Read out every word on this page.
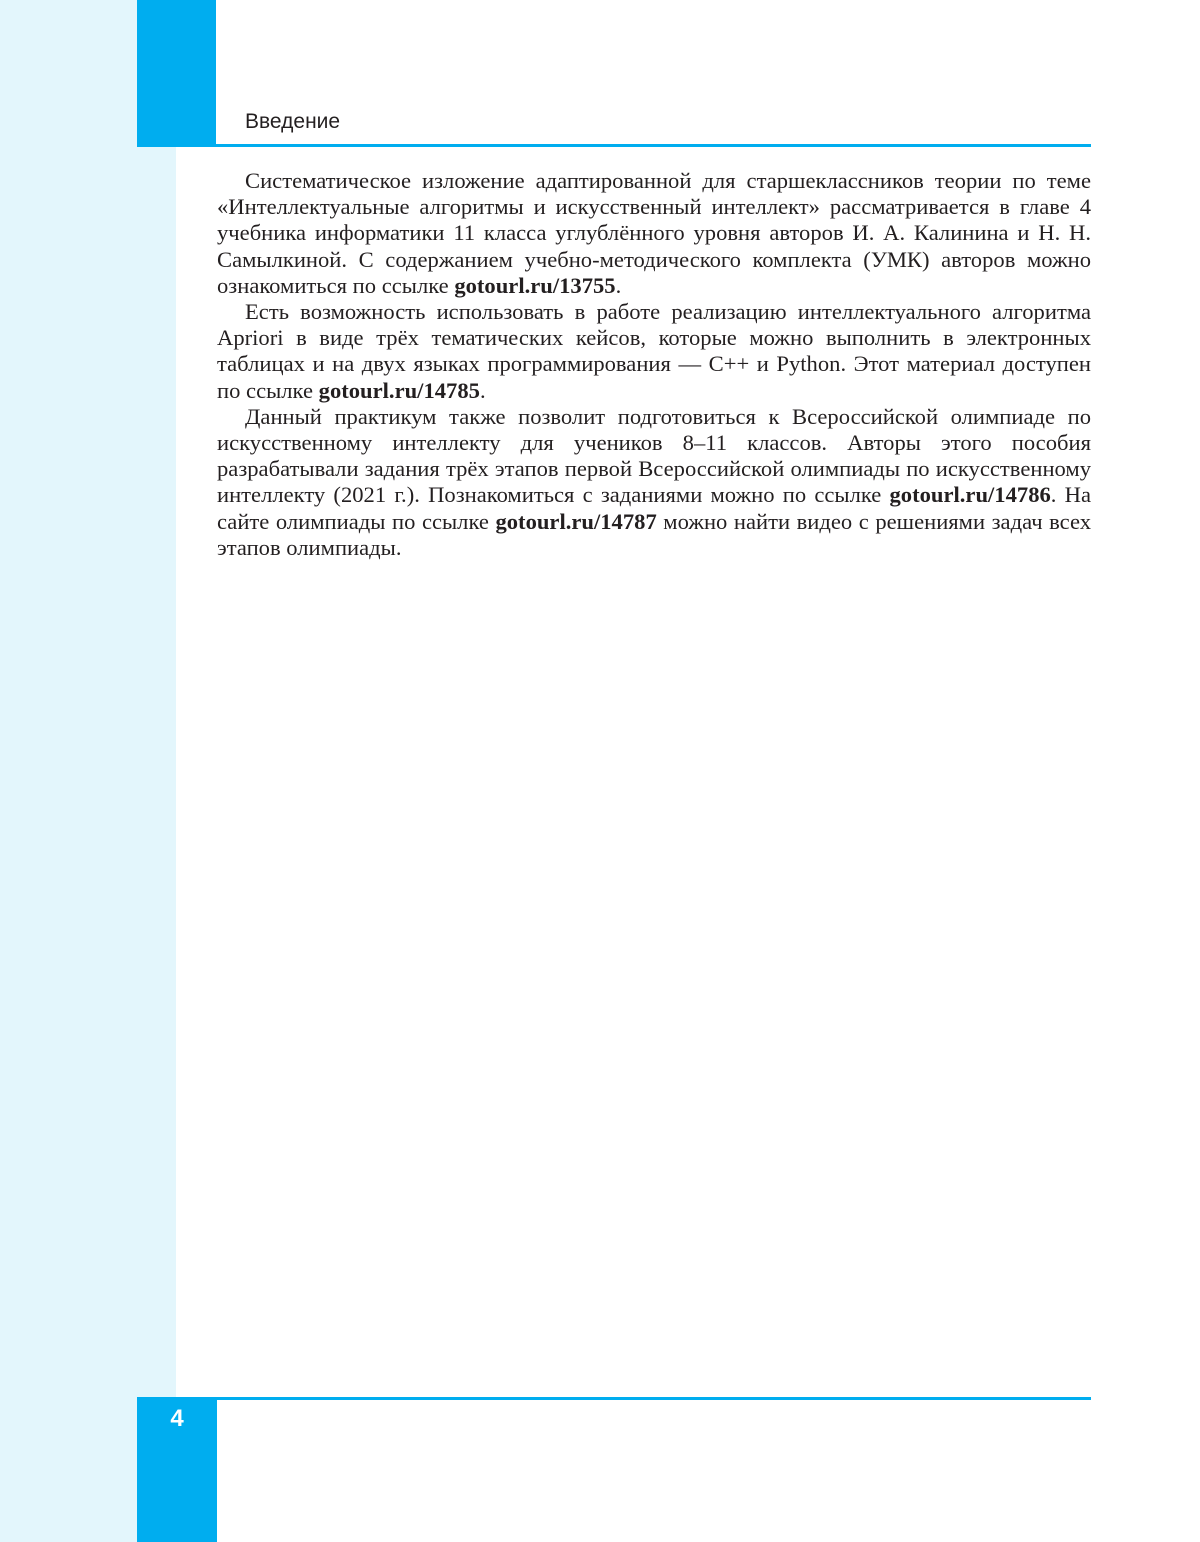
Введение

Систематическое изложение адаптированной для старшеклассников теории по теме «Интеллектуальные алгоритмы и искусственный интеллект» рассматривается в главе 4 учебника информатики 11 класса углублённого уровня авторов И. А. Калинина и Н. Н. Самылкиной. С содержанием учебно-методического комплекта (УМК) авторов можно ознакомиться по ссылке gotourl.ru/13755.

Есть возможность использовать в работе реализацию интеллектуального алгоритма Apriori в виде трёх тематических кейсов, которые можно выполнить в электронных таблицах и на двух языках программирования — C++ и Python. Этот материал доступен по ссылке gotourl.ru/14785.

Данный практикум также позволит подготовиться к Всероссийской олимпиаде по искусственному интеллекту для учеников 8–11 классов. Авторы этого пособия разрабатывали задания трёх этапов первой Всероссийской олимпиады по искусственному интеллекту (2021 г.). Познакомиться с заданиями можно по ссылке gotourl.ru/14786. На сайте олимпиады по ссылке gotourl.ru/14787 можно найти видео с решениями задач всех этапов олимпиады.

4
